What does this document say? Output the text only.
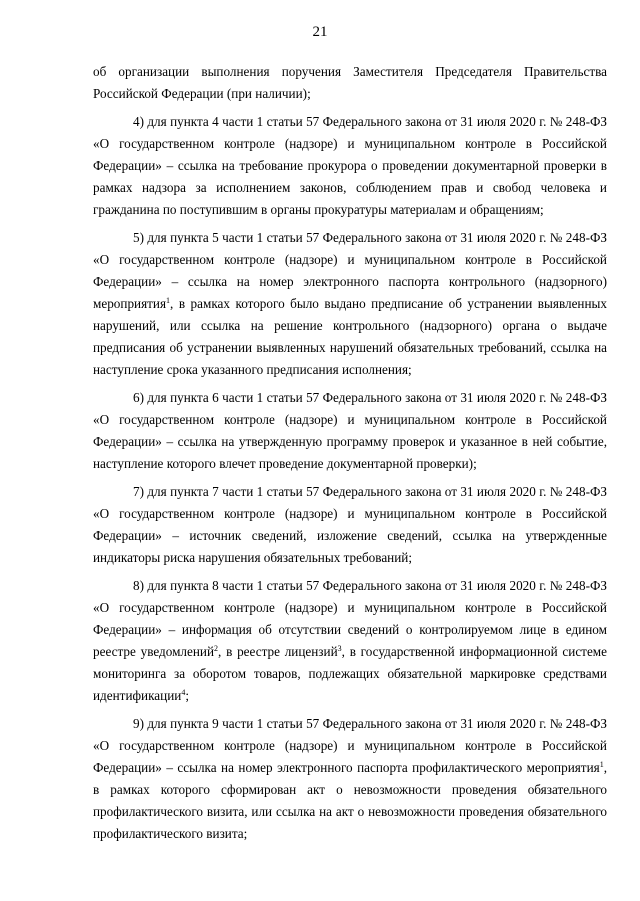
21

об организации выполнения поручения Заместителя Председателя Правительства Российской Федерации (при наличии);

4) для пункта 4 части 1 статьи 57 Федерального закона от 31 июля 2020 г. № 248-ФЗ «О государственном контроле (надзоре) и муниципальном контроле в Российской Федерации» – ссылка на требование прокурора о проведении документарной проверки в рамках надзора за исполнением законов, соблюдением прав и свобод человека и гражданина по поступившим в органы прокуратуры материалам и обращениям;

5) для пункта 5 части 1 статьи 57 Федерального закона от 31 июля 2020 г. № 248-ФЗ «О государственном контроле (надзоре) и муниципальном контроле в Российской Федерации» – ссылка на номер электронного паспорта контрольного (надзорного) мероприятия$^1$, в рамках которого было выдано предписание об устранении выявленных нарушений, или ссылка на решение контрольного (надзорного) органа о выдаче предписания об устранении выявленных нарушений обязательных требований, ссылка на наступление срока указанного предписания исполнения;

6) для пункта 6 части 1 статьи 57 Федерального закона от 31 июля 2020 г. № 248-ФЗ «О государственном контроле (надзоре) и муниципальном контроле в Российской Федерации» – ссылка на утвержденную программу проверок и указанное в ней событие, наступление которого влечет проведение документарной проверки);

7) для пункта 7 части 1 статьи 57 Федерального закона от 31 июля 2020 г. № 248-ФЗ «О государственном контроле (надзоре) и муниципальном контроле в Российской Федерации» – источник сведений, изложение сведений, ссылка на утвержденные индикаторы риска нарушения обязательных требований;

8) для пункта 8 части 1 статьи 57 Федерального закона от 31 июля 2020 г. № 248-ФЗ «О государственном контроле (надзоре) и муниципальном контроле в Российской Федерации» – информация об отсутствии сведений о контролируемом лице в едином реестре уведомлений$^2$, в реестре лицензий$^3$, в государственной информационной системе мониторинга за оборотом товаров, подлежащих обязательной маркировке средствами идентификации$^4$;

9) для пункта 9 части 1 статьи 57 Федерального закона от 31 июля 2020 г. № 248-ФЗ «О государственном контроле (надзоре) и муниципальном контроле в Российской Федерации» – ссылка на номер электронного паспорта профилактического мероприятия$^1$, в рамках которого сформирован акт о невозможности проведения обязательного профилактического визита, или ссылка на акт о невозможности проведения обязательного профилактического визита;
